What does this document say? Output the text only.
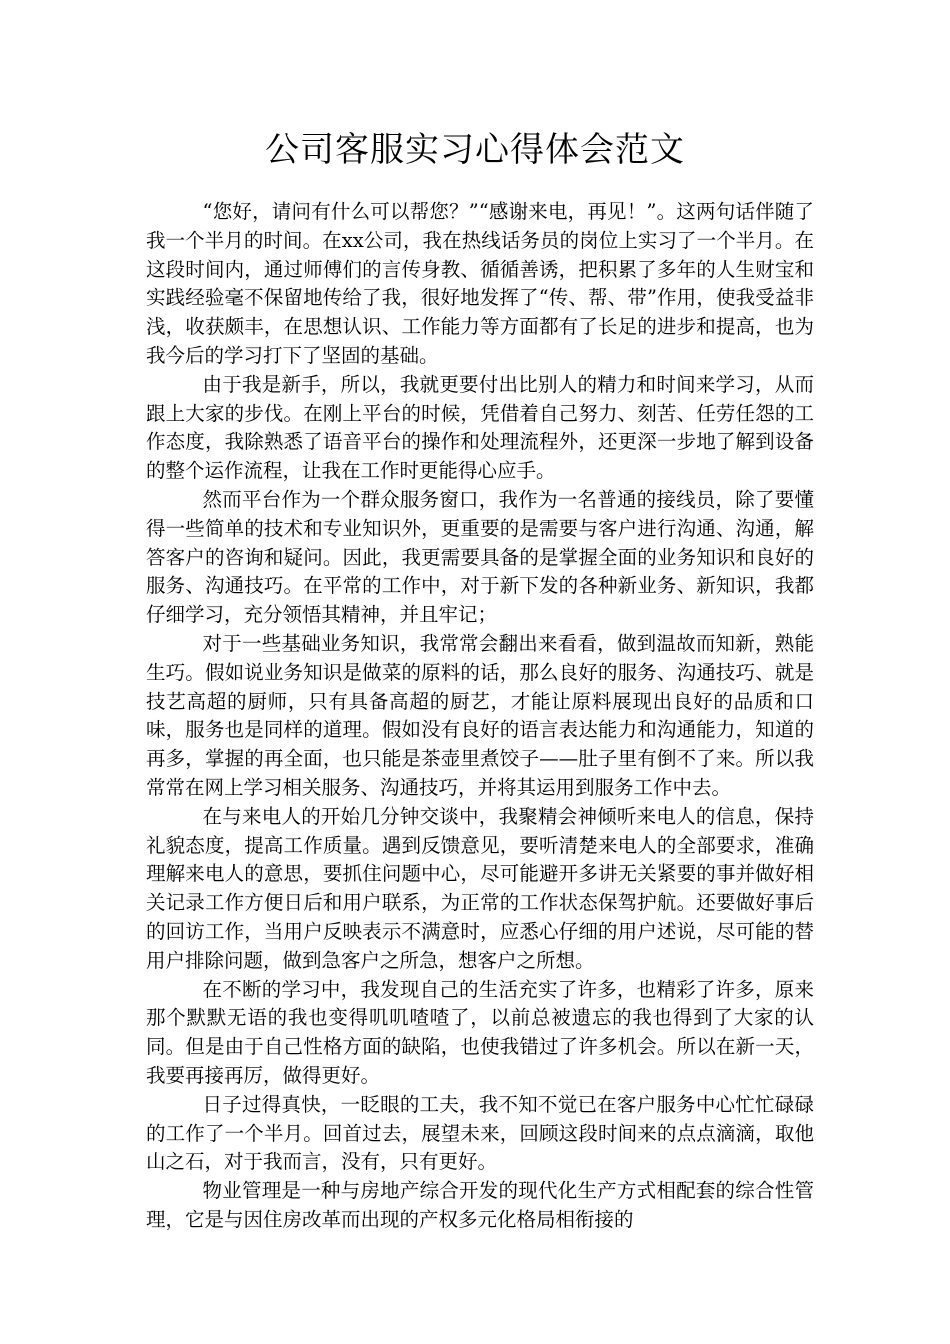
公司客服实习心得体会范文

“您好，请问有什么可以帮您？”“感谢来电，再见！”。这两句话伴随了我一个半月的时间。在xx公司，我在热线话务员的岗位上实习了一个半月。在这段时间内，通过师傅们的言传身教、循循善诱，把积累了多年的人生财宝和实践经验毫不保留地传给了我，很好地发挥了“传、帮、带”作用，使我受益非浅，收获颇丰，在思想认识、工作能力等方面都有了长足的进步和提高，也为我今后的学习打下了坚固的基础。

由于我是新手，所以，我就更要付出比别人的精力和时间来学习，从而跟上大家的步伐。在刚上平台的时候，凭借着自己努力、刻苦、任劳任怨的工作态度，我除熟悉了语音平台的操作和处理流程外，还更深一步地了解到设备的整个运作流程，让我在工作时更能得心应手。

然而平台作为一个群众服务窗口，我作为一名普通的接线员，除了要懂得一些简单的技术和专业知识外，更重要的是需要与客户进行沟通、沟通，解答客户的咨询和疑问。因此，我更需要具备的是掌握全面的业务知识和良好的服务、沟通技巧。在平常的工作中，对于新下发的各种新业务、新知识，我都仔细学习，充分领悟其精神，并且牢记；

对于一些基础业务知识，我常常会翻出来看看，做到温故而知新，熟能生巧。假如说业务知识是做菜的原料的话，那么良好的服务、沟通技巧、就是技艺高超的厨师，只有具备高超的厨艺，才能让原料展现出良好的品质和口味，服务也是同样的道理。假如没有良好的语言表达能力和沟通能力，知道的再多，掌握的再全面，也只能是茶壶里煮饺子——肚子里有倒不了来。所以我常常在网上学习相关服务、沟通技巧，并将其运用到服务工作中去。

在与来电人的开始几分钟交谈中，我聚精会神倾听来电人的信息，保持礼貌态度，提高工作质量。遇到反馈意见，要听清楚来电人的全部要求，准确理解来电人的意思，要抓住问题中心，尽可能避开多讲无关紧要的事并做好相关记录工作方便日后和用户联系，为正常的工作状态保驾护航。还要做好事后的回访工作，当用户反映表示不满意时，应悉心仔细的用户述说，尽可能的替用户排除问题，做到急客户之所急，想客户之所想。

在不断的学习中，我发现自己的生活充实了许多，也精彩了许多，原来那个默默无语的我也变得叽叽喳喳了，以前总被遗忘的我也得到了大家的认同。但是由于自己性格方面的缺陷，也使我错过了许多机会。所以在新一天，我要再接再厉，做得更好。

日子过得真快，一眨眼的工夫，我不知不觉已在客户服务中心忙忙碌碌的工作了一个半月。回首过去，展望未来，回顾这段时间来的点点滴滴，取他山之石，对于我而言，没有，只有更好。

物业管理是一种与房地产综合开发的现代化生产方式相配套的综合性管理，它是与因住房改革而出现的产权多元化格局相衔接的
